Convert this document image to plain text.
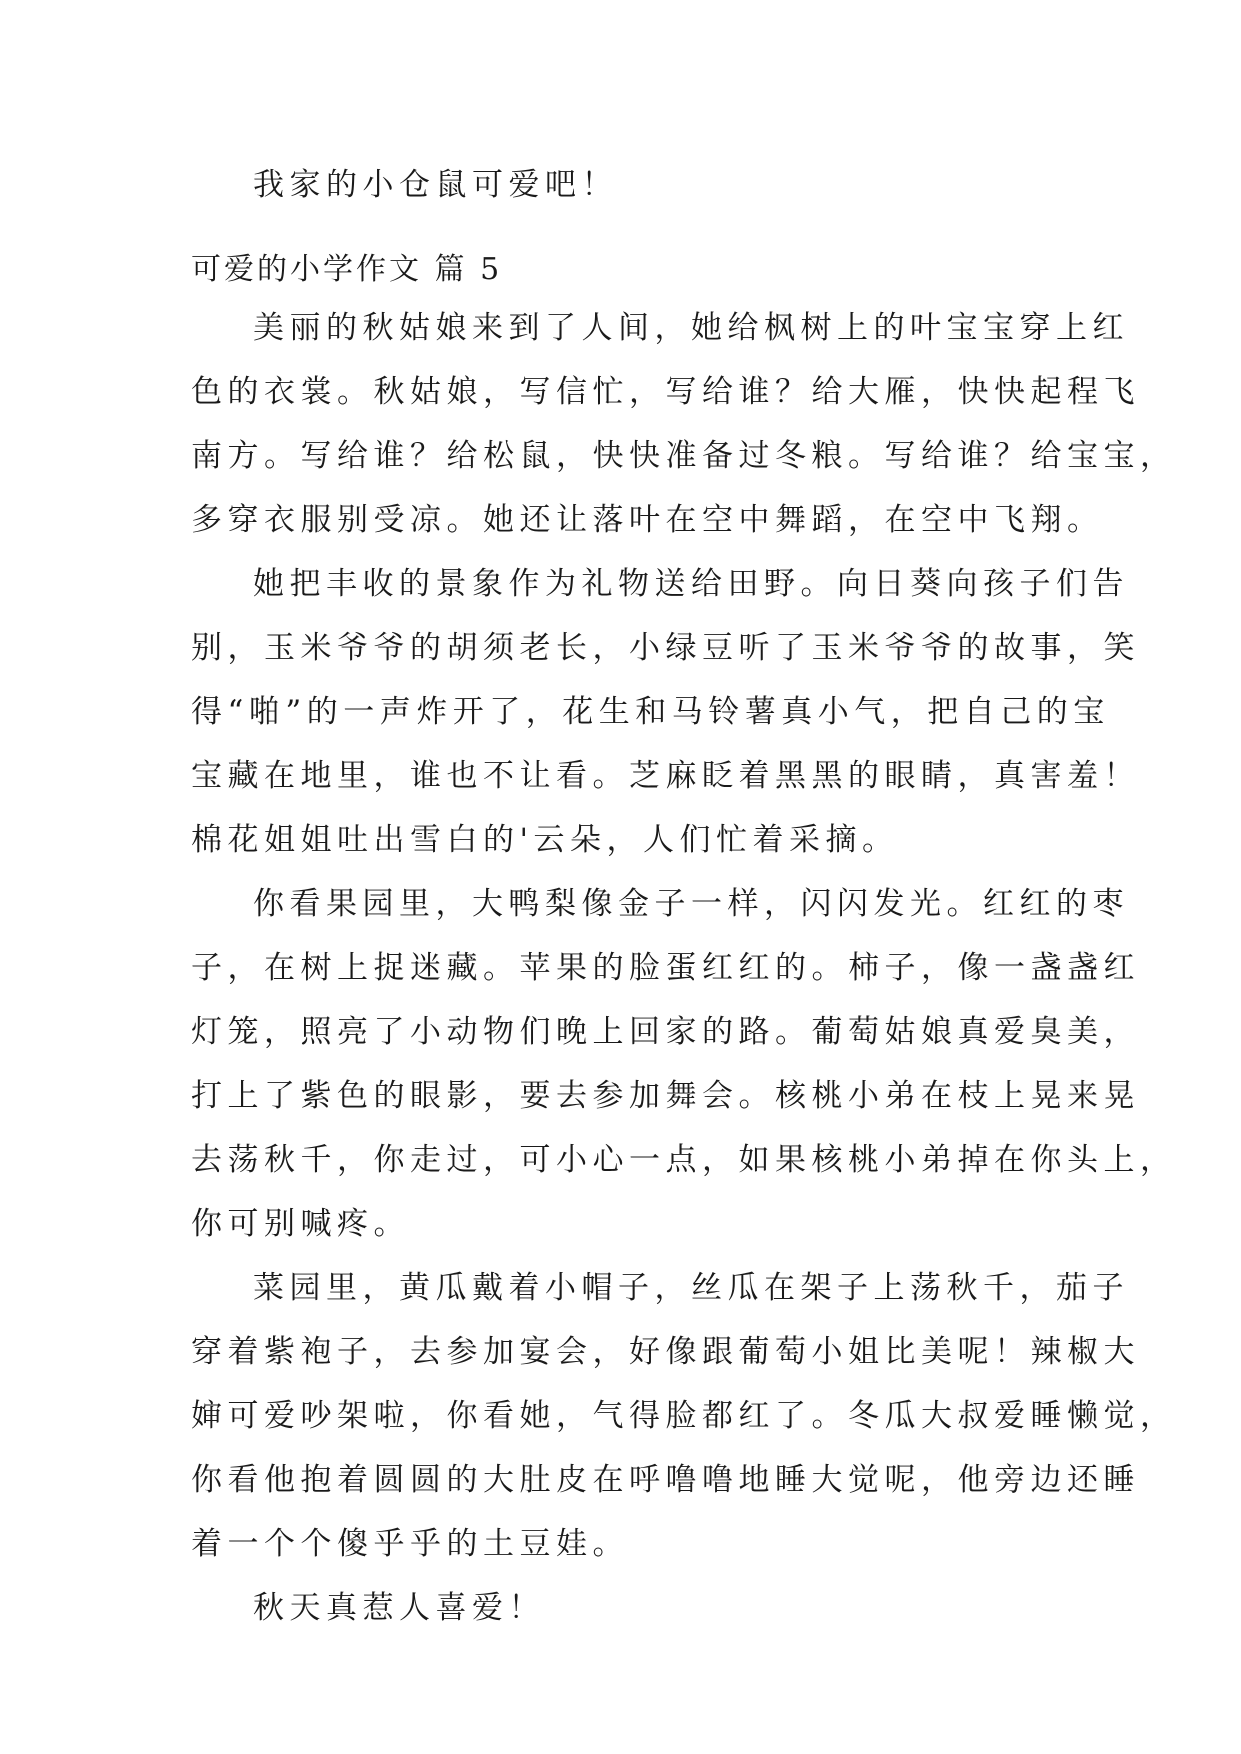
我家的小仓鼠可爱吧！
可爱的小学作文 篇 5
美丽的秋姑娘来到了人间，她给枫树上的叶宝宝穿上红
色的衣裳。秋姑娘，写信忙，写给谁？给大雁，快快起程飞
南方。写给谁？给松鼠，快快准备过冬粮。写给谁？给宝宝，
多穿衣服别受凉。她还让落叶在空中舞蹈，在空中飞翔。
她把丰收的景象作为礼物送给田野。向日葵向孩子们告
别，玉米爷爷的胡须老长，小绿豆听了玉米爷爷的故事，笑
得“啪”的一声炸开了，花生和马铃薯真小气，把自己的宝
宝藏在地里，谁也不让看。芝麻眨着黑黑的眼睛，真害羞！
棉花姐姐吐出雪白的'云朵，人们忙着采摘。
你看果园里，大鸭梨像金子一样，闪闪发光。红红的枣
子，在树上捉迷藏。苹果的脸蛋红红的。柿子，像一盏盏红
灯笼，照亮了小动物们晚上回家的路。葡萄姑娘真爱臭美，
打上了紫色的眼影，要去参加舞会。核桃小弟在枝上晃来晃
去荡秋千，你走过，可小心一点，如果核桃小弟掉在你头上，
你可别喊疼。
菜园里，黄瓜戴着小帽子，丝瓜在架子上荡秋千，茄子
穿着紫袍子，去参加宴会，好像跟葡萄小姐比美呢！辣椒大
婶可爱吵架啦，你看她，气得脸都红了。冬瓜大叔爱睡懒觉，
你看他抱着圆圆的大肚皮在呼噜噜地睡大觉呢，他旁边还睡
着一个个傻乎乎的土豆娃。
秋天真惹人喜爱！
